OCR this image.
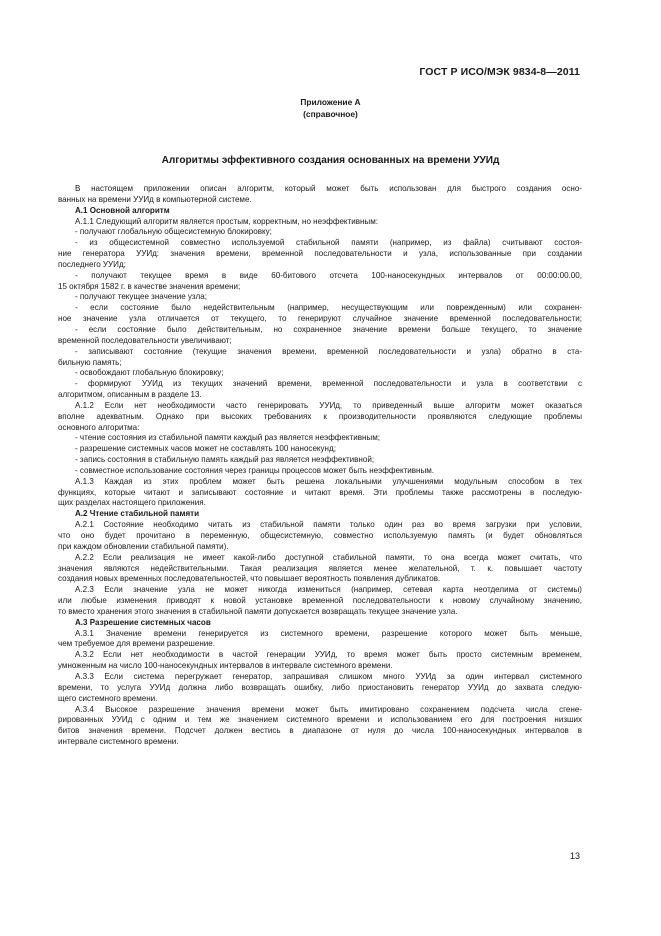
ГОСТ Р ИСО/МЭК 9834-8—2011
Приложение А
(справочное)
Алгоритмы эффективного создания основанных на времени УУИд
В настоящем приложении описан алгоритм, который может быть использован для быстрого создания осно-
ванных на времени УУИд в компьютерной системе.
А.1 Основной алгоритм
А.1.1 Следующий алгоритм является простым, корректным, но неэффективным:
- получают глобальную общесистемную блокировку;
- из общесистемной совместно используемой стабильной памяти (например, из файла) считывают состоя-
ние генератора УУИд: значения времени, временной последовательности и узла, использованные при создании
последнего УУИд;
- получают текущее время в виде 60-битового отсчета 100-наносекундных интервалов от 00:00:00.00,
15 октября 1582 г. в качестве значения времени;
- получают текущее значение узла;
- если состояние было недействительным (например, несуществующим или поврежденным) или сохранен-
ное значение узла отличается от текущего, то генерируют случайное значение временной последовательности;
- если состояние было действительным, но сохраненное значение времени больше текущего, то значение
временной последовательности увеличивают;
- записывают состояние (текущие значения времени, временной последовательности и узла) обратно в ста-
бильную память;
- освобождают глобальную блокировку;
- формируют УУИд из текущих значений времени, временной последовательности и узла в соответствии с
алгоритмом, описанным в разделе 13.
А.1.2 Если нет необходимости часто генерировать УУИд, то приведенный выше алгоритм может оказаться
вполне адекватным. Однако при высоких требованиях к производительности проявляются следующие проблемы
основного алгоритма:
- чтение состояния из стабильной памяти каждый раз является неэффективным;
- разрешение системных часов может не составлять 100 наносекунд;
- запись состояния в стабильную память каждый раз является неэффективной;
- совместное использование состояния через границы процессов может быть неэффективным.
А.1.3 Каждая из этих проблем может быть решена локальными улучшениями модульным способом в тех
функциях, которые читают и записывают состояние и читают время. Эти проблемы также рассмотрены в последую-
щих разделах настоящего приложения.
А.2 Чтение стабильной памяти
А.2.1 Состояние необходимо читать из стабильной памяти только один раз во время загрузки при условии,
что оно будет прочитано в переменную, общесистемную, совместно используемую память (и будет обновляться
при каждом обновлении стабильной памяти).
А.2.2 Если реализация не имеет какой-либо доступной стабильной памяти, то она всегда может считать, что
значения являются недействительными. Такая реализация является менее желательной, т. к. повышает частоту
создания новых временных последовательностей, что повышает вероятность появления дубликатов.
А.2.3 Если значение узла не может никогда измениться (например, сетевая карта неотделима от системы)
или любые изменения приводят к новой установке временной последовательности к новому случайному значению,
то вместо хранения этого значения в стабильной памяти допускается возвращать текущее значение узла.
А.3 Разрешение системных часов
А.3.1 Значение времени генерируется из системного времени, разрешение которого может быть меньше,
чем требуемое для времени разрешение.
А.3.2 Если нет необходимости в частой генерации УУИд, то время может быть просто системным временем,
умноженным на число 100-наносекундных интервалов в интервале системного времени.
А.3.3 Если система перегружает генератор, запрашивая слишком много УУИд за один интервал системного
времени, то услуга УУИд должна либо возвращать ошибку, либо приостановить генератор УУИд до захвата следую-
щего системного времени.
А.3.4 Высокое разрешение значения времени может быть имитировано сохранением подсчета числа сгене-
рированных УУИд с одним и тем же значением системного времени и использованием его для построения низших
битов значения времени. Подсчет должен вестись в диапазоне от нуля до числа 100-наносекундных интервалов в
интервале системного времени.
13
